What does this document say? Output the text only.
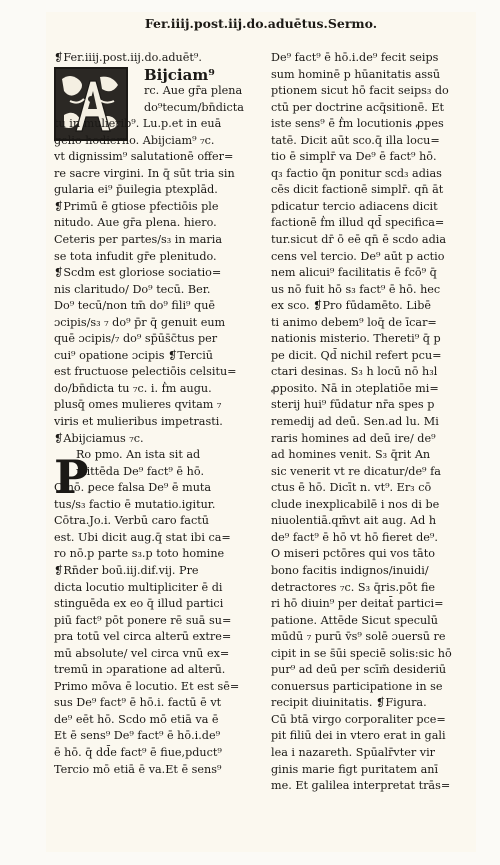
Fer.iiij.post.iij.do.aduētus.Sermo.
P
❡Fer.iiij.post.iij.do.aduēt⁹.
Bijciam⁹
rc. Aue gr̄a plena
do⁹tecum/bn̄dicta
tu in mulierib⁹. Lu.p.et in euā
gelio hodierno. Abijciam⁹ ₇c.
vt dignissim⁹ salutationē offer=
re sacre virgini. In q̄ sūt tria sin
gularia ei⁹ p̄uilegia ptexplād.
❡Primū ē gtiose pfectiōis ple
nitudo. Aue gr̄a plena. hiero.
Ceteris per partes/s₃ in maria
se tota infudit gr̄e plenitudo.
❡Scdm est gloriose sociatio=
nis claritudo/ Do⁹ tecū. Ber.
Do⁹ tecū/non tm̄ do⁹ fili⁹ quē
ɔcipis/s₃ ₇ do⁹ p̄r q̄ genuit eum
quē ɔcipis/₇ do⁹ sp̄ūs̄c̄tus per
cui⁹ opatione ɔcipis ❡Terciū
est fructuose pelectiōis celsitu=
do/bn̄dicta tu ₇c. i. ḟm augu.
plusq̄ omes mulieres qvitam ₇
viris et mulieribus impetrasti.
❡Abijciamus ₇c.
Ro pmo. An ista sit ad
mittēda De⁹ fact⁹ ē hō.
Q nō. ꝑece falsa De⁹ ē muta
tus/s₃ factio ē mutatio.igitur.
Cōtra.Jo.i. Verbū caro factū
est. Ubi dicit aug.q̄ stat ibi ca=
ro nō.p parte s₃.p toto homine
❡Rn̄der boū.iij.dif.vij. Pre
dicta locutio multipliciter ē di
stinguēda ex eo q̄ illud partici
piū fact⁹ pōt ponere rē suā su=
pra totū vel circa alterū extre=
mū absolute/ vel circa vnū ex=
tremū in ɔparatione ad alterū.
Primo mōva ē locutio. Et est sē=
sus De⁹ fact⁹ ē hō.i. factū ē vt
de⁹ eēt hō. Scdo mō etiā va ē
Et ē sens⁹ De⁹ fact⁹ ē hō.i.de⁹
ē hō. q̄ dd̄e fact⁹ ē fiue,pduct⁹
Tercio mō etiā ē va.Et ē sens⁹
De⁹ fact⁹ ē hō.i.de⁹ fecit seips
sum hominē p hūanitatis assū
ptionem sicut hō facit seips₃ do
ctū per doctrine acq̄sitionē. Et
iste sens⁹ ē ḟm locutionis ꝓpes
tatē. Dicit aūt sco.q̄ illa locu=
tio ē simplr̄ va De⁹ ē fact⁹ hō.
q₃ factio q̄n ponitur scd₃ adias
cēs dicit factionē simplr̄. qn̄ āt
pdicatur tercio adiacens dicit
factionē ḟm illud qd̄ specifica=
tur.sicut dr̄ ō eē qn̄ ē scdo adia
cens vel tercio. De⁹ aūt p actio
nem alicui⁹ facilitatis ē fcō⁹ q̄
us nō fuit hō s₃ fact⁹ ē hō. hec
ex sco. ❡Pro fūdamēto. Libē
ti animo debem⁹ loq̄ de īcar=
nationis misterio. Thereti⁹ q̄ p
pe dicit. Qd̄ nichil refert pcu=
ctari desinas. S₃ h locū nō h₃l
ꝓposito. Nā in ɔteplatiōe mi=
sterij hui⁹ fūdatur nr̄a spes p
remedij ad deū. Sen.ad lu. Mi
raris homines ad deū ire/ de⁹
ad homines venit. S₃ q̄rit An
sic venerit vt re dicatur/de⁹ fa
ctus ē hō. Dicīt n. vt⁹. Er₃ cō
clude inexplicabilē i nos di be
niuolentiā.qm̄vt ait aug. Ad h
de⁹ fact⁹ ē hō vt hō fieret de⁹.
O miseri pctōres qui vos tāto
bono facitis indignos/inuidi/
detractores ₇c. S₃ q̄ris.pōt fie
ri hō diuin⁹ per deitat̄ partici=
patione. Attēde Sicut speculū
mūdū ₇ purū v̄s⁹ solē ɔuersū re
cipit in se s̄ūi speciē solis:sic hō
pur⁹ ad deū per scīm̄ desideriū
conuersus participatione in se
recipit diuinitatis. ❡Figura.
Cū btā virgo corporaliter pce=
pit filiū dei in vtero erat in gali
lea i nazareth. Spūalr̄vter vir
ginis marie figt puritatem anī
me. Et galilea interpretat trās=
